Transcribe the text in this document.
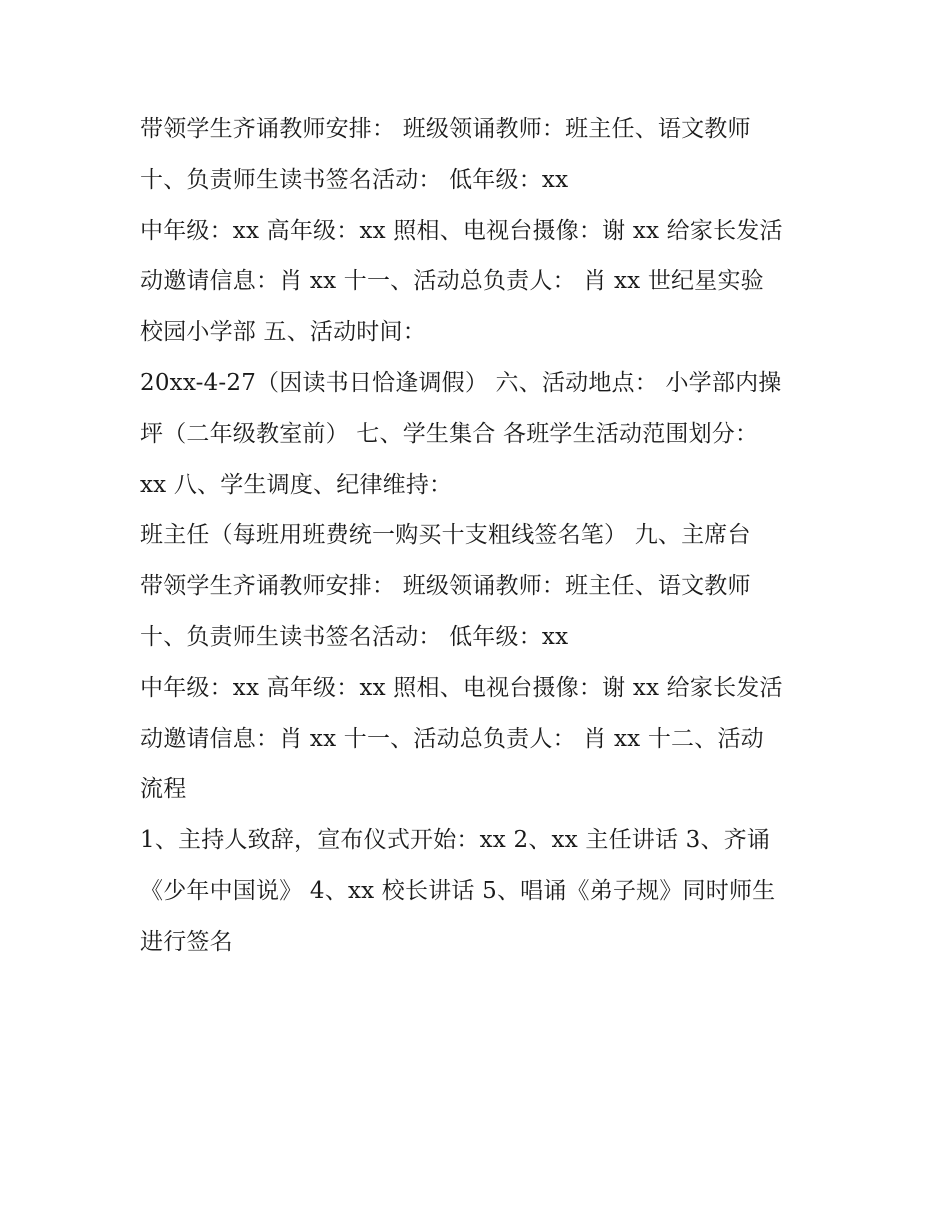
带领学生齐诵教师安排： 班级领诵教师：班主任、语文教师
十、负责师生读书签名活动： 低年级：xx
中年级：xx 高年级：xx 照相、电视台摄像：谢 xx 给家长发活
动邀请信息：肖 xx 十一、活动总负责人： 肖 xx 世纪星实验
校园小学部 五、活动时间：
20xx-4-27（因读书日恰逢调假） 六、活动地点： 小学部内操
坪（二年级教室前） 七、学生集合 各班学生活动范围划分：
xx 八、学生调度、纪律维持：
班主任（每班用班费统一购买十支粗线签名笔） 九、主席台
带领学生齐诵教师安排： 班级领诵教师：班主任、语文教师
十、负责师生读书签名活动： 低年级：xx
中年级：xx 高年级：xx 照相、电视台摄像：谢 xx 给家长发活
动邀请信息：肖 xx 十一、活动总负责人： 肖 xx 十二、活动
流程
1、主持人致辞，宣布仪式开始：xx 2、xx 主任讲话 3、齐诵
《少年中国说》 4、xx 校长讲话 5、唱诵《弟子规》同时师生
进行签名
